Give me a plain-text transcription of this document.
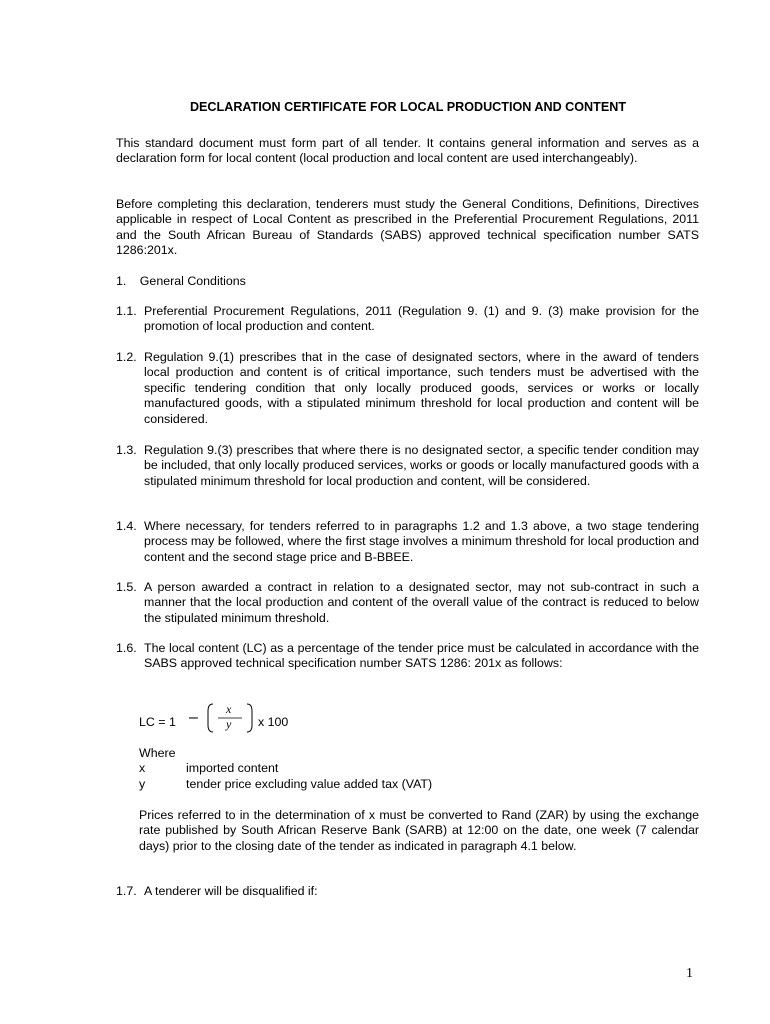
DECLARATION CERTIFICATE FOR LOCAL PRODUCTION AND CONTENT

This standard document must form part of all tender. It contains general information and serves as a declaration form for local content (local production and local content are used interchangeably).

Before completing this declaration, tenderers must study the General Conditions, Definitions, Directives applicable in respect of Local Content as prescribed in the Preferential Procurement Regulations, 2011 and the South African Bureau of Standards (SABS) approved technical specification number SATS 1286:201x.

1. General Conditions
1.1. Preferential Procurement Regulations, 2011 (Regulation 9. (1) and 9. (3) make provision for the promotion of local production and content.
1.2. Regulation 9.(1) prescribes that in the case of designated sectors, where in the award of tenders local production and content is of critical importance, such tenders must be advertised with the specific tendering condition that only locally produced goods, services or works or locally manufactured goods, with a stipulated minimum threshold for local production and content will be considered.
1.3. Regulation 9.(3) prescribes that where there is no designated sector, a specific tender condition may be included, that only locally produced services, works or goods or locally manufactured goods with a stipulated minimum threshold for local production and content, will be considered.
1.4. Where necessary, for tenders referred to in paragraphs 1.2 and 1.3 above, a two stage tendering process may be followed, where the first stage involves a minimum threshold for local production and content and the second stage price and B-BBEE.
1.5. A person awarded a contract in relation to a designated sector, may not sub-contract in such a manner that the local production and content of the overall value of the contract is reduced to below the stipulated minimum threshold.
1.6. The local content (LC) as a percentage of the tender price must be calculated in accordance with the SABS approved technical specification number SATS 1286: 201x as follows:
LC = 1 – x
y x 100
Where
x	imported content
y	tender price excluding value added tax (VAT)

Prices referred to in the determination of x must be converted to Rand (ZAR) by using the exchange rate published by South African Reserve Bank (SARB) at 12:00 on the date, one week (7 calendar days) prior to the closing date of the tender as indicated in paragraph 4.1 below.

1.7. A tenderer will be disqualified if:
1
